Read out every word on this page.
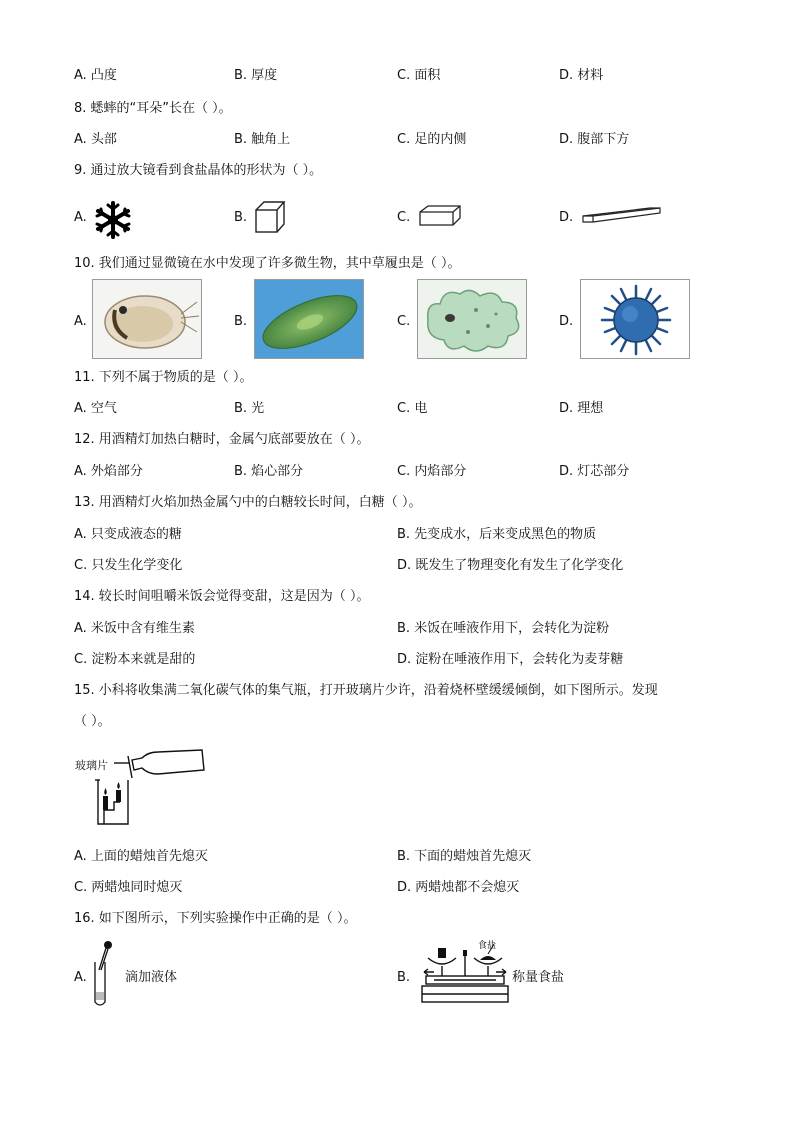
A. 凸度	B. 厚度	C. 面积	D. 材料
8. 蟋蟀的“耳朵”长在（ ）。
A. 头部	B. 触角上	C. 足的内侧	D. 腹部下方
9. 通过放大镜看到食盐晶体的形状为（ ）。
A.	B.	C.	D.
10. 我们通过显微镜在水中发现了许多微生物，其中草履虫是（ ）。
A.	B.	C.	D.
11. 下列不属于物质的是（ ）。
A. 空气	B. 光	C. 电	D. 理想
12. 用酒精灯加热白糖时，金属勺底部要放在（ ）。
A. 外焰部分	B. 焰心部分	C. 内焰部分	D. 灯芯部分
13. 用酒精灯火焰加热金属勺中的白糖较长时间，白糖（ ）。
A. 只变成液态的糖	B. 先变成水，后来变成黑色的物质
C. 只发生化学变化	D. 既发生了物理变化有发生了化学变化
14. 较长时间咀嚼米饭会觉得变甜，这是因为（ ）。
A. 米饭中含有维生素	B. 米饭在唾液作用下，会转化为淀粉
C. 淀粉本来就是甜的	D. 淀粉在唾液作用下，会转化为麦芽糖
15. 小科将收集满二氧化碳气体的集气瓶，打开玻璃片少许，沿着烧杯壁缓缓倾倒，如下图所示。发现
（ ）。
玻璃片
A. 上面的蜡烛首先熄灭	B. 下面的蜡烛首先熄灭
C. 两蜡烛同时熄灭	D. 两蜡烛都不会熄灭
16. 如下图所示，下列实验操作中正确的是（ ）。
A.	滴加液体	B.
食盐
称量食盐
